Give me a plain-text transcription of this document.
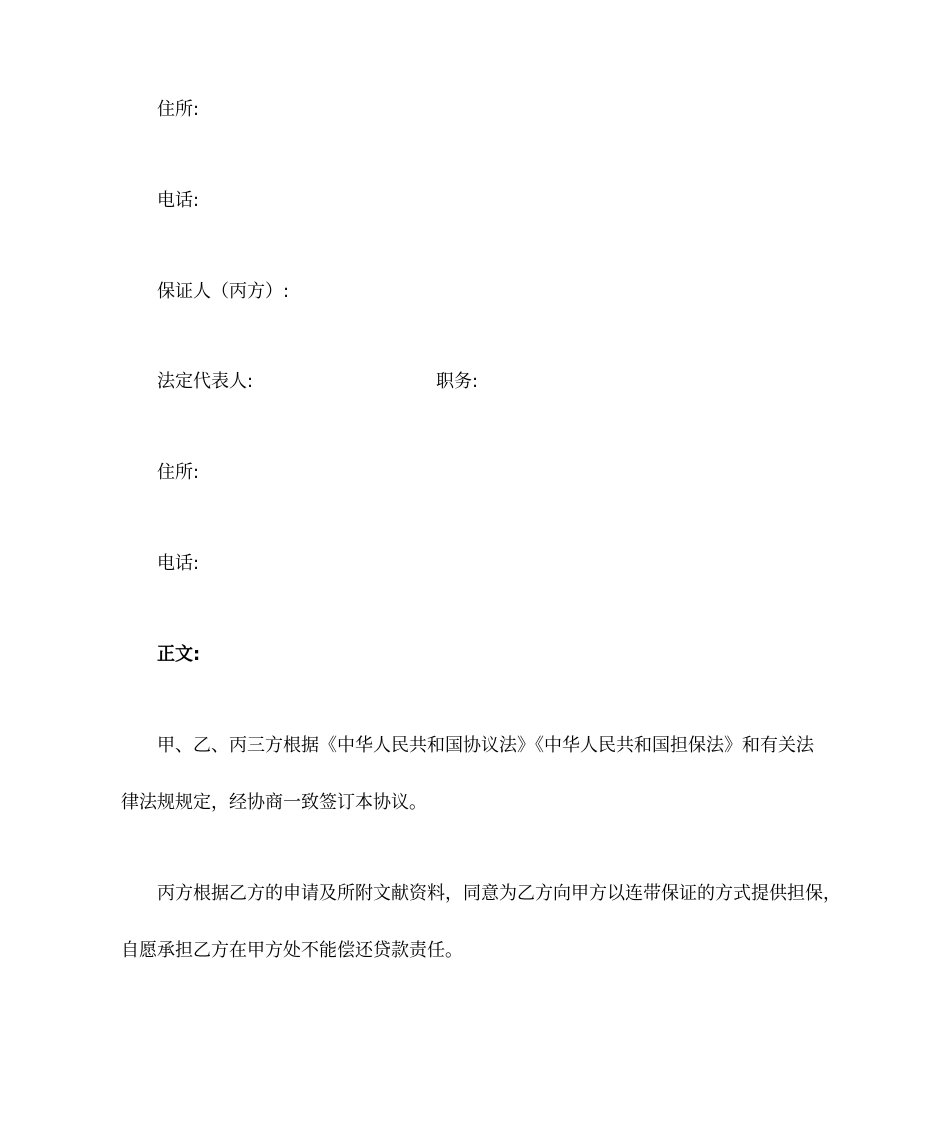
住所:
电话:
保证人（丙方）:
法定代表人:	职务:
住所:
电话:
正文:
甲、乙、丙三方根据《中华人民共和国协议法》《中华人民共和国担保法》和有关法
律法规规定，经协商一致签订本协议。
丙方根据乙方的申请及所附文献资料，同意为乙方向甲方以连带保证的方式提供担保，
自愿承担乙方在甲方处不能偿还贷款责任。
